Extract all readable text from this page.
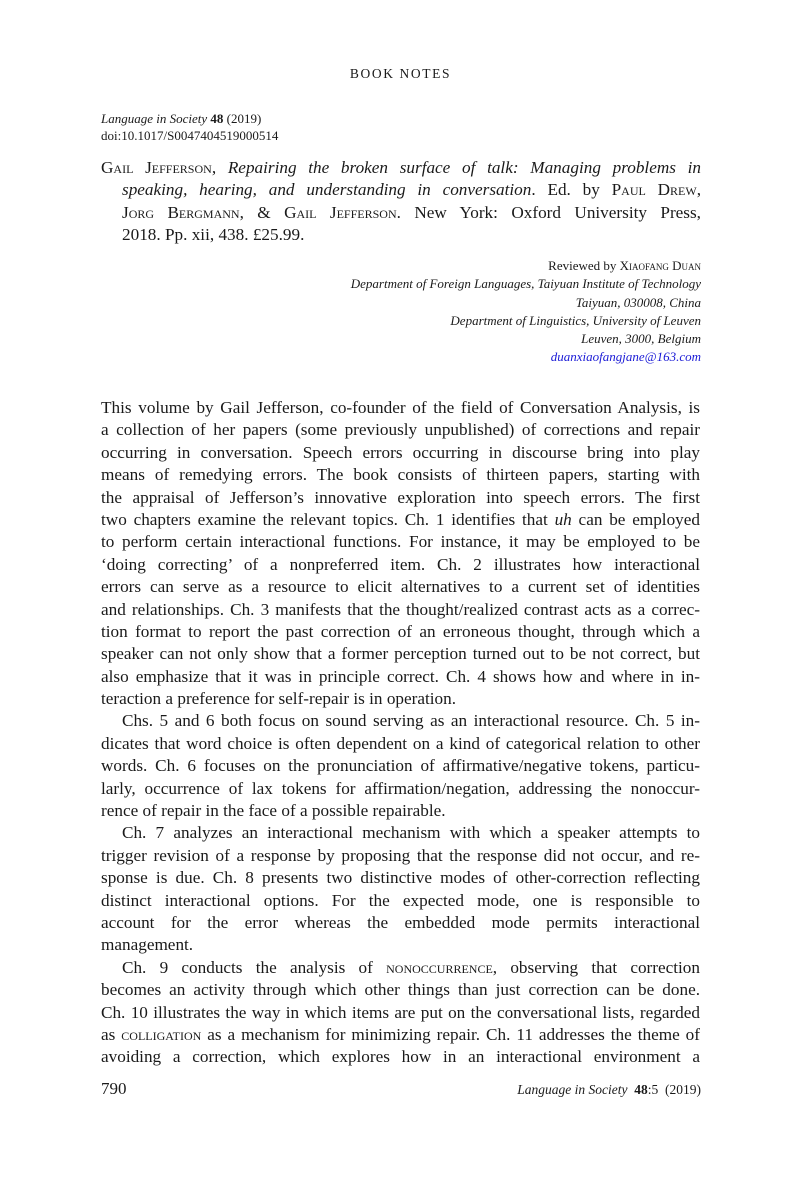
BOOK NOTES
Language in Society 48 (2019)
doi:10.1017/S0047404519000514
Gail Jefferson, Repairing the broken surface of talk: Managing problems in
speaking, hearing, and understanding in conversation. Ed. by Paul Drew,
Jorg Bergmann, & Gail Jefferson. New York: Oxford University Press,
2018. Pp. xii, 438. £25.99.
Reviewed by Xiaofang Duan
Department of Foreign Languages, Taiyuan Institute of Technology
Taiyuan, 030008, China
Department of Linguistics, University of Leuven
Leuven, 3000, Belgium
duanxiaofangjane@163.com
This volume by Gail Jefferson, co-founder of the field of Conversation Analysis, is
a collection of her papers (some previously unpublished) of corrections and repair
occurring in conversation. Speech errors occurring in discourse bring into play
means of remedying errors. The book consists of thirteen papers, starting with
the appraisal of Jefferson’s innovative exploration into speech errors. The first
two chapters examine the relevant topics. Ch. 1 identifies that uh can be employed
to perform certain interactional functions. For instance, it may be employed to be
‘doing correcting’ of a nonpreferred item. Ch. 2 illustrates how interactional
errors can serve as a resource to elicit alternatives to a current set of identities
and relationships. Ch. 3 manifests that the thought/realized contrast acts as a correc-
tion format to report the past correction of an erroneous thought, through which a
speaker can not only show that a former perception turned out to be not correct, but
also emphasize that it was in principle correct. Ch. 4 shows how and where in in-
teraction a preference for self-repair is in operation.
Chs. 5 and 6 both focus on sound serving as an interactional resource. Ch. 5 in-
dicates that word choice is often dependent on a kind of categorical relation to other
words. Ch. 6 focuses on the pronunciation of affirmative/negative tokens, particu-
larly, occurrence of lax tokens for affirmation/negation, addressing the nonoccur-
rence of repair in the face of a possible repairable.
Ch. 7 analyzes an interactional mechanism with which a speaker attempts to
trigger revision of a response by proposing that the response did not occur, and re-
sponse is due. Ch. 8 presents two distinctive modes of other-correction reflecting
distinct interactional options. For the expected mode, one is responsible to
account for the error whereas the embedded mode permits interactional
management.
Ch. 9 conducts the analysis of nonoccurrence, observing that correction
becomes an activity through which other things than just correction can be done.
Ch. 10 illustrates the way in which items are put on the conversational lists, regarded
as colligation as a mechanism for minimizing repair. Ch. 11 addresses the theme of
avoiding a correction, which explores how in an interactional environment a
790	Language in Society 48:5 (2019)
